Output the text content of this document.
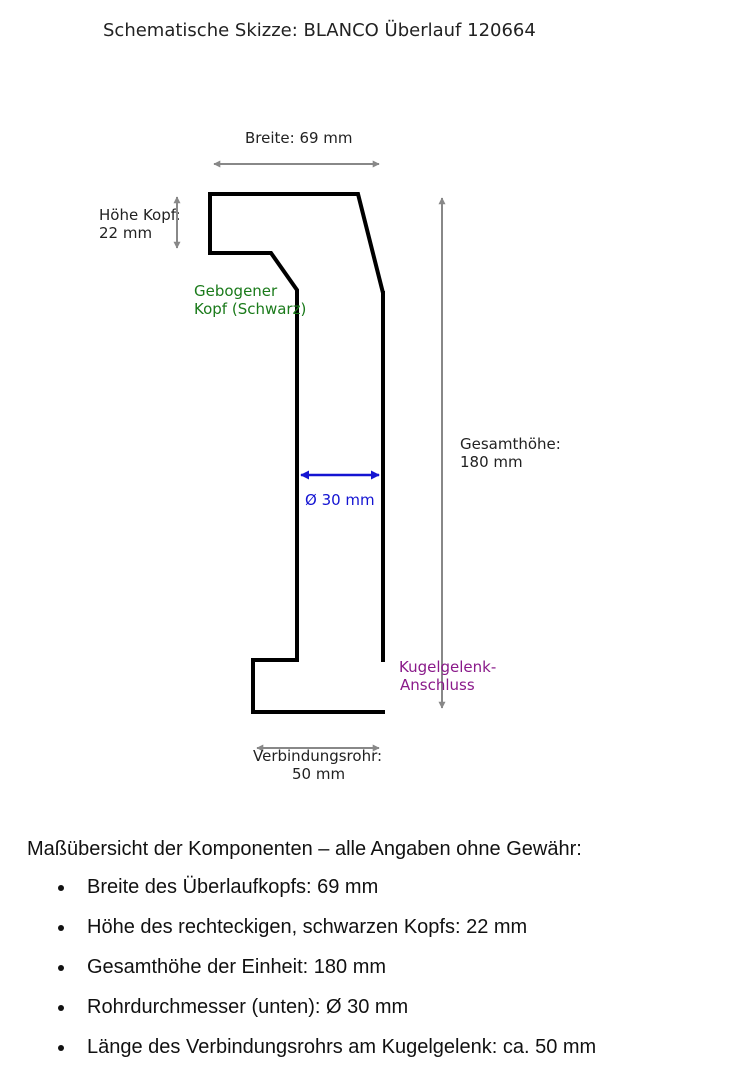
Schematische Skizze: BLANCO Überlauf 120664
Breite: 69 mm
Höhe Kopf: 22 mm
Gebogener Kopf (Schwarz)
Gesamthöhe: 180 mm
Ø 30 mm
Kugelgelenk- Anschluss
Verbindungsrohr: 50 mm

Maßübersicht der Komponenten – alle Angaben ohne Gewähr:

Breite des Überlaufkopfs: 69 mm
Höhe des rechteckigen, schwarzen Kopfs: 22 mm
Gesamthöhe der Einheit: 180 mm
Rohrdurchmesser (unten): Ø 30 mm
Länge des Verbindungsrohrs am Kugelgelenk: ca. 50 mm
